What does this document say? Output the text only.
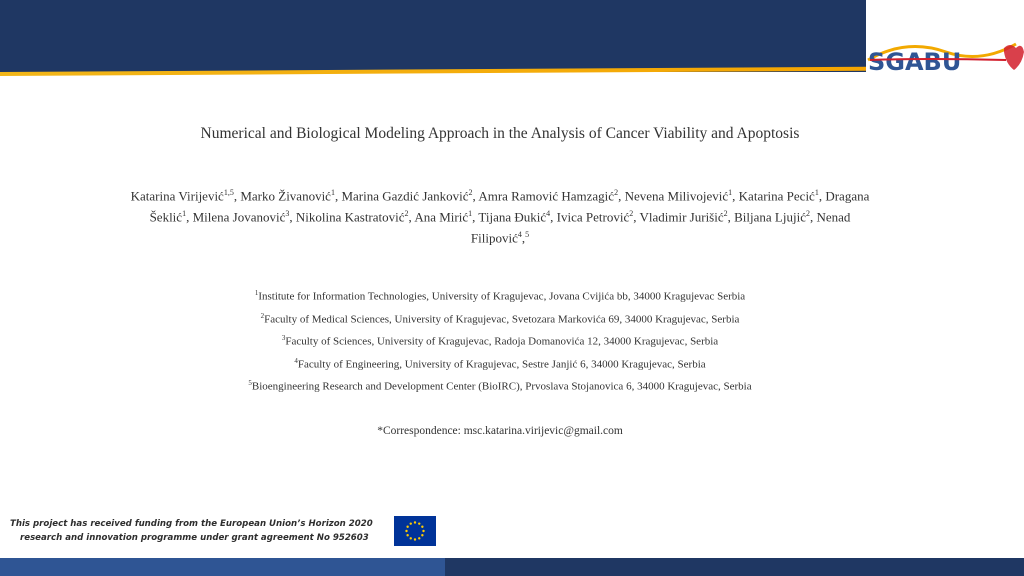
SGABU
Numerical and Biological Modeling Approach in the Analysis of Cancer Viability and Apoptosis
Katarina Virijević$^{1,5}$, Marko Živanović$^1$, Marina Gazdić Janković$^2$, Amra Ramović Hamzagić$^2$, Nevena Milivojević$^1$, Katarina Pecić$^1$, Dragana Šeklić$^1$, Milena Jovanović$^3$, Nikolina Kastratović$^2$, Ana Mirić$^1$, Tijana Đukić$^4$, Ivica Petrović$^2$, Vladimir Jurišić$^2$, Biljana Ljujić$^2$, Nenad Filipović$^4$,$^5$
$^1$Institute for Information Technologies, University of Kragujevac, Jovana Cvijića bb, 34000 Kragujevac Serbia
$^2$Faculty of Medical Sciences, University of Kragujevac, Svetozara Markovića 69, 34000 Kragujevac, Serbia
$^3$Faculty of Sciences, University of Kragujevac, Radoja Domanovića 12, 34000 Kragujevac, Serbia
$^4$Faculty of Engineering, University of Kragujevac, Sestre Janjić 6, 34000 Kragujevac, Serbia
$^5$Bioengineering Research and Development Center (BioIRC), Prvoslava Stojanovica 6, 34000 Kragujevac, Serbia
*Correspondence: msc.katarina.virijevic@gmail.com
This project has received funding from the European Union’s Horizon 2020
research and innovation programme under grant agreement No 952603
